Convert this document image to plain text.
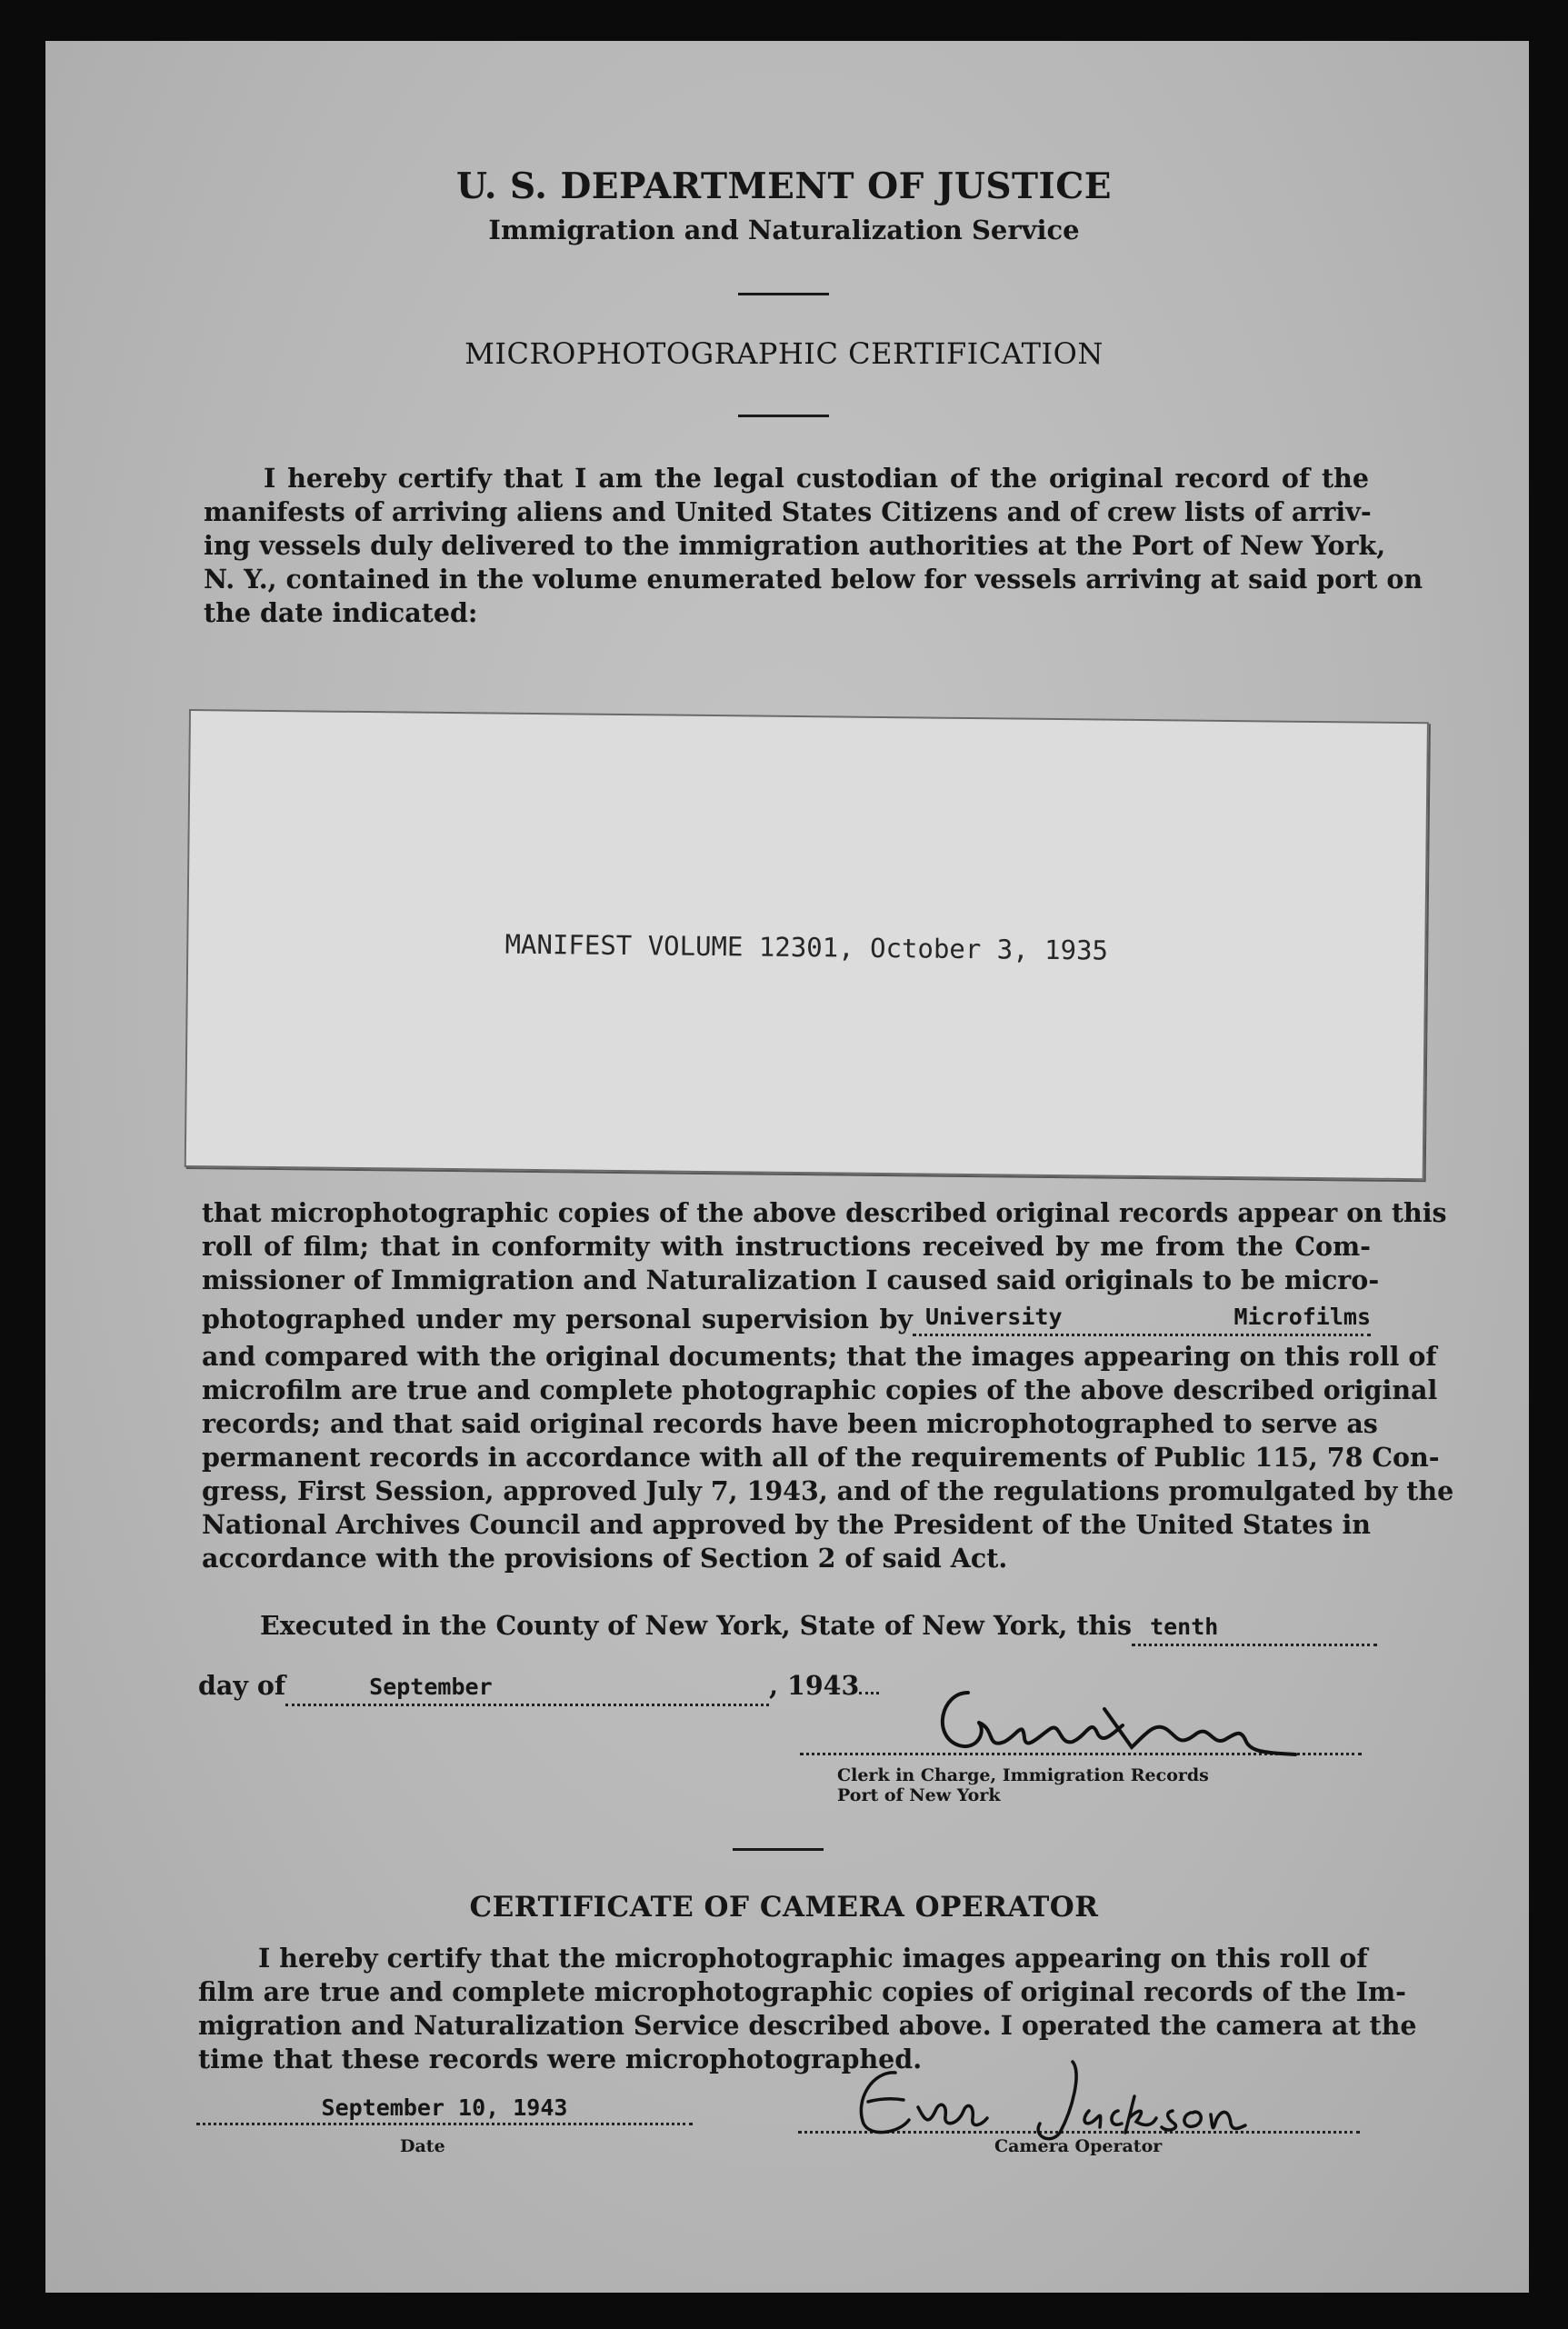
U. S. DEPARTMENT OF JUSTICE
Immigration and Naturalization Service
MICROPHOTOGRAPHIC CERTIFICATION
I hereby certify that I am the legal custodian of the original record of the
manifests of arriving aliens and United States Citizens and of crew lists of arriv-
ing vessels duly delivered to the immigration authorities at the Port of New York,
N. Y., contained in the volume enumerated below for vessels arriving at said port on
the date indicated:
MANIFEST VOLUME 12301, October 3, 1935
that microphotographic copies of the above described original records appear on this
roll of film; that in conformity with instructions received by me from the Com-
missioner of Immigration and Naturalization I caused said originals to be micro-
photographed under my personal supervision by University Microfilms
and compared with the original documents; that the images appearing on this roll of
microfilm are true and complete photographic copies of the above described original
records; and that said original records have been microphotographed to serve as
permanent records in accordance with all of the requirements of Public 115, 78 Con-
gress, First Session, approved July 7, 1943, and of the regulations promulgated by the
National Archives Council and approved by the President of the United States in
accordance with the provisions of Section 2 of said Act.
Executed in the County of New York, State of New York, this tenth
day of	September	, 1943
Clerk in Charge, Immigration Records
Port of New York
CERTIFICATE OF CAMERA OPERATOR
I hereby certify that the microphotographic images appearing on this roll of
film are true and complete microphotographic copies of original records of the Im-
migration and Naturalization Service described above. I operated the camera at the
time that these records were microphotographed.
September 10, 1943
Date	Camera Operator
